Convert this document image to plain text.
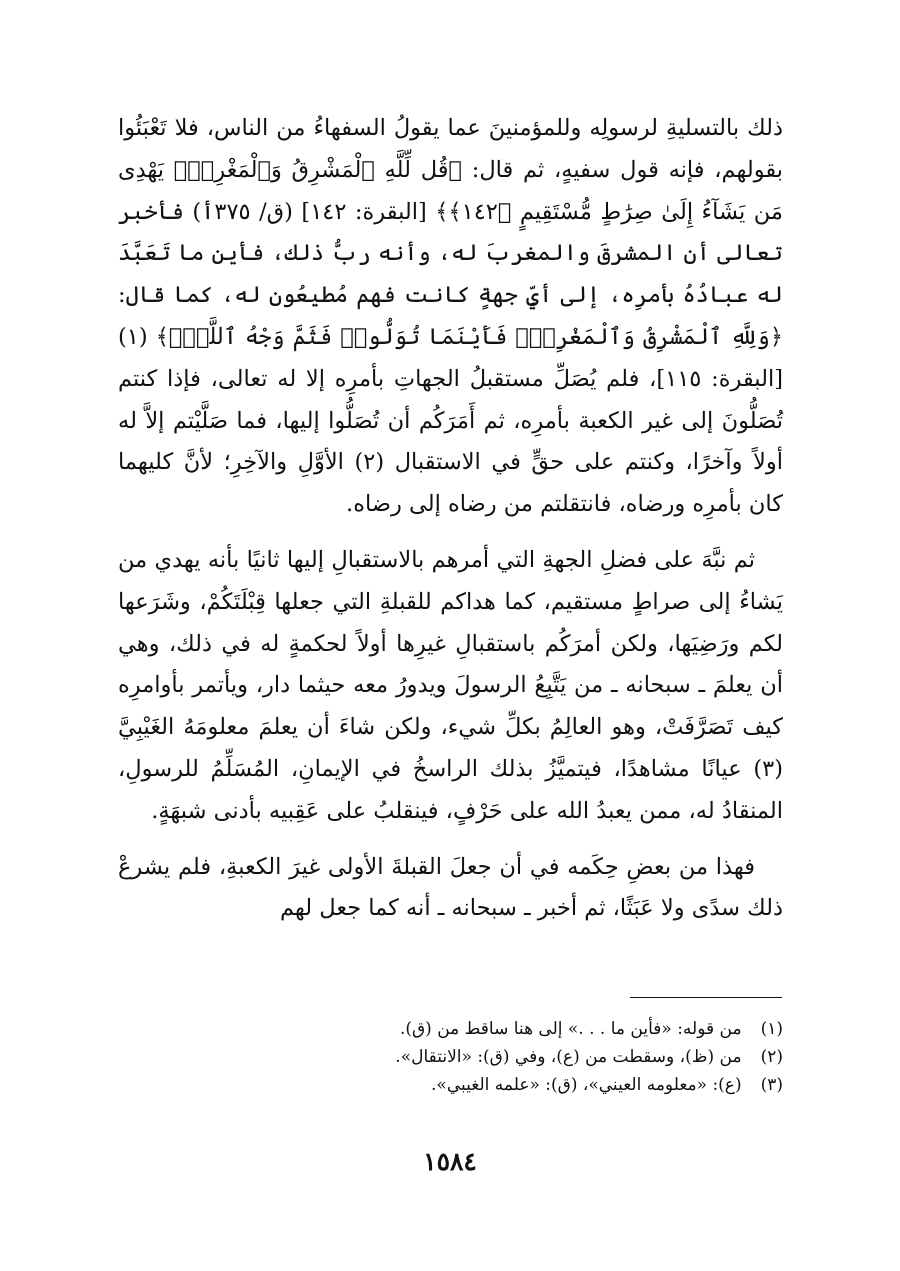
ذلك بالتسليةِ لرسولِه وللمؤمنينَ عما يقولُ السفهاءُ من الناس، فلا تَعْبَئُوا بقولهم، فإنه قول سفيهٍ، ثم قال: ﴿قُل لِّلَّهِ ٱلْمَشْرِقُ وَٱلْمَغْرِبُۚ يَهْدِى مَن يَشَآءُ إِلَىٰ صِرَٰطٍ مُّسْتَقِيمٍ ﴿١٤٢﴾﴾ [البقرة: ١٤٢] (ق/ ٣٧٥أ) فأخبر تعالى أن المشرقَ والمغربَ له، وأنه ربُّ ذلك، فأين ما تَعَبَّدَ له عبادُهُ بأمرِه، إلى أيِّ جهةٍ كانت فهم مُطيعُون له، كما قال: ﴿وَلِلَّهِ ٱلْمَشْرِقُ وَٱلْمَغْرِبُۚ فَأَيْنَمَا تُوَلُّوا۟ فَثَمَّ وَجْهُ ٱللَّهِۚ﴾ (١) [البقرة: ١١٥]، فلم يُصَلِّ مستقبلُ الجهاتِ بأمرِه إلا له تعالى، فإذا كنتم تُصَلُّونَ إلى غير الكعبة بأمرِه، ثم أَمَرَكُم أن تُصَلُّوا إليها، فما صَلَّيْتم إلاَّ له أولاً وآخرًا، وكنتم على حقٍّ في الاستقبال (٢) الأوَّلِ والآخِرِ؛ لأنَّ كليهما كان بأمرِه ورضاه، فانتقلتم من رضاه إلى رضاه.

ثم نبَّهَ على فضلِ الجهةِ التي أمرهم بالاستقبالِ إليها ثانيًا بأنه يهدي من يَشاءُ إلى صراطٍ مستقيم، كما هداكم للقبلةِ التي جعلها قِبْلَتَكُمْ، وشَرَعها لكم ورَضِيَها، ولكن أمرَكُم باستقبالِ غيرِها أولاً لحكمةٍ له في ذلك، وهي أن يعلمَ ـ سبحانه ـ من يَتَّبِعُ الرسولَ ويدورُ معه حيثما دار، ويأتمر بأوامرِه كيف تَصَرَّفَتْ، وهو العالِمُ بكلِّ شيء، ولكن شاءَ أن يعلمَ معلومَهُ الغَيْبِيَّ (٣) عيانًا مشاهدًا، فيتميَّزُ بذلك الراسخُ في الإيمانِ، المُسَلِّمُ للرسولِ، المنقادُ له، ممن يعبدُ الله على حَرْفٍ، فينقلبُ على عَقِبيه بأدنى شبهَةٍ.

فهذا من بعضِ حِكَمه في أن جعلَ القبلةَ الأولى غيرَ الكعبةِ، فلم يشرعْ ذلك سدًى ولا عَبَثًا، ثم أخبر ـ سبحانه ـ أنه كما جعل لهم

(١) من قوله: «فأين ما . . .» إلى هنا ساقط من (ق).
(٢) من (ظ)، وسقطت من (ع)، وفي (ق): «الانتقال».
(٣) (ع): «معلومه العيني»، (ق): «علمه الغيبي».
١٥٨٤
